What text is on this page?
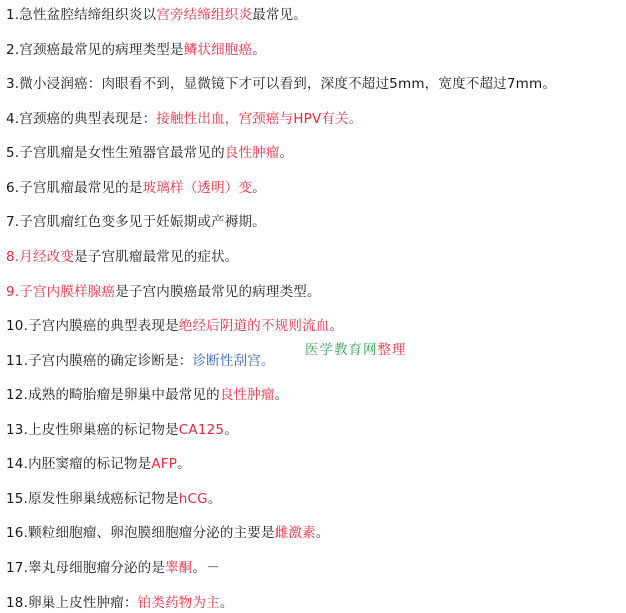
1.急性盆腔结缔组织炎以宫旁结缔组织炎最常见。

2.宫颈癌最常见的病理类型是鳞状细胞癌。

3.微小浸润癌：肉眼看不到，显微镜下才可以看到，深度不超过5mm，宽度不超过7mm。

4.宫颈癌的典型表现是：接触性出血，宫颈癌与HPV有关。

5.子宫肌瘤是女性生殖器官最常见的良性肿瘤。

6.子宫肌瘤最常见的是玻璃样（透明）变。

7.子宫肌瘤红色变多见于妊娠期或产褥期。

8.月经改变是子宫肌瘤最常见的症状。

9.子宫内膜样腺癌是子宫内膜癌最常见的病理类型。

10.子宫内膜癌的典型表现是绝经后阴道的不规则流血。

11.子宫内膜癌的确定诊断是：诊断性刮宫。

12.成熟的畸胎瘤是卵巢中最常见的良性肿瘤。

13.上皮性卵巢癌的标记物是CA125。

14.内胚窦瘤的标记物是AFP。

15.原发性卵巢绒癌标记物是hCG。

16.颗粒细胞瘤、卵泡膜细胞瘤分泌的主要是雌激素。

17.睾丸母细胞瘤分泌的是睾酮。－

18.卵巢上皮性肿瘤：铂类药物为主。

医学教育网整理
